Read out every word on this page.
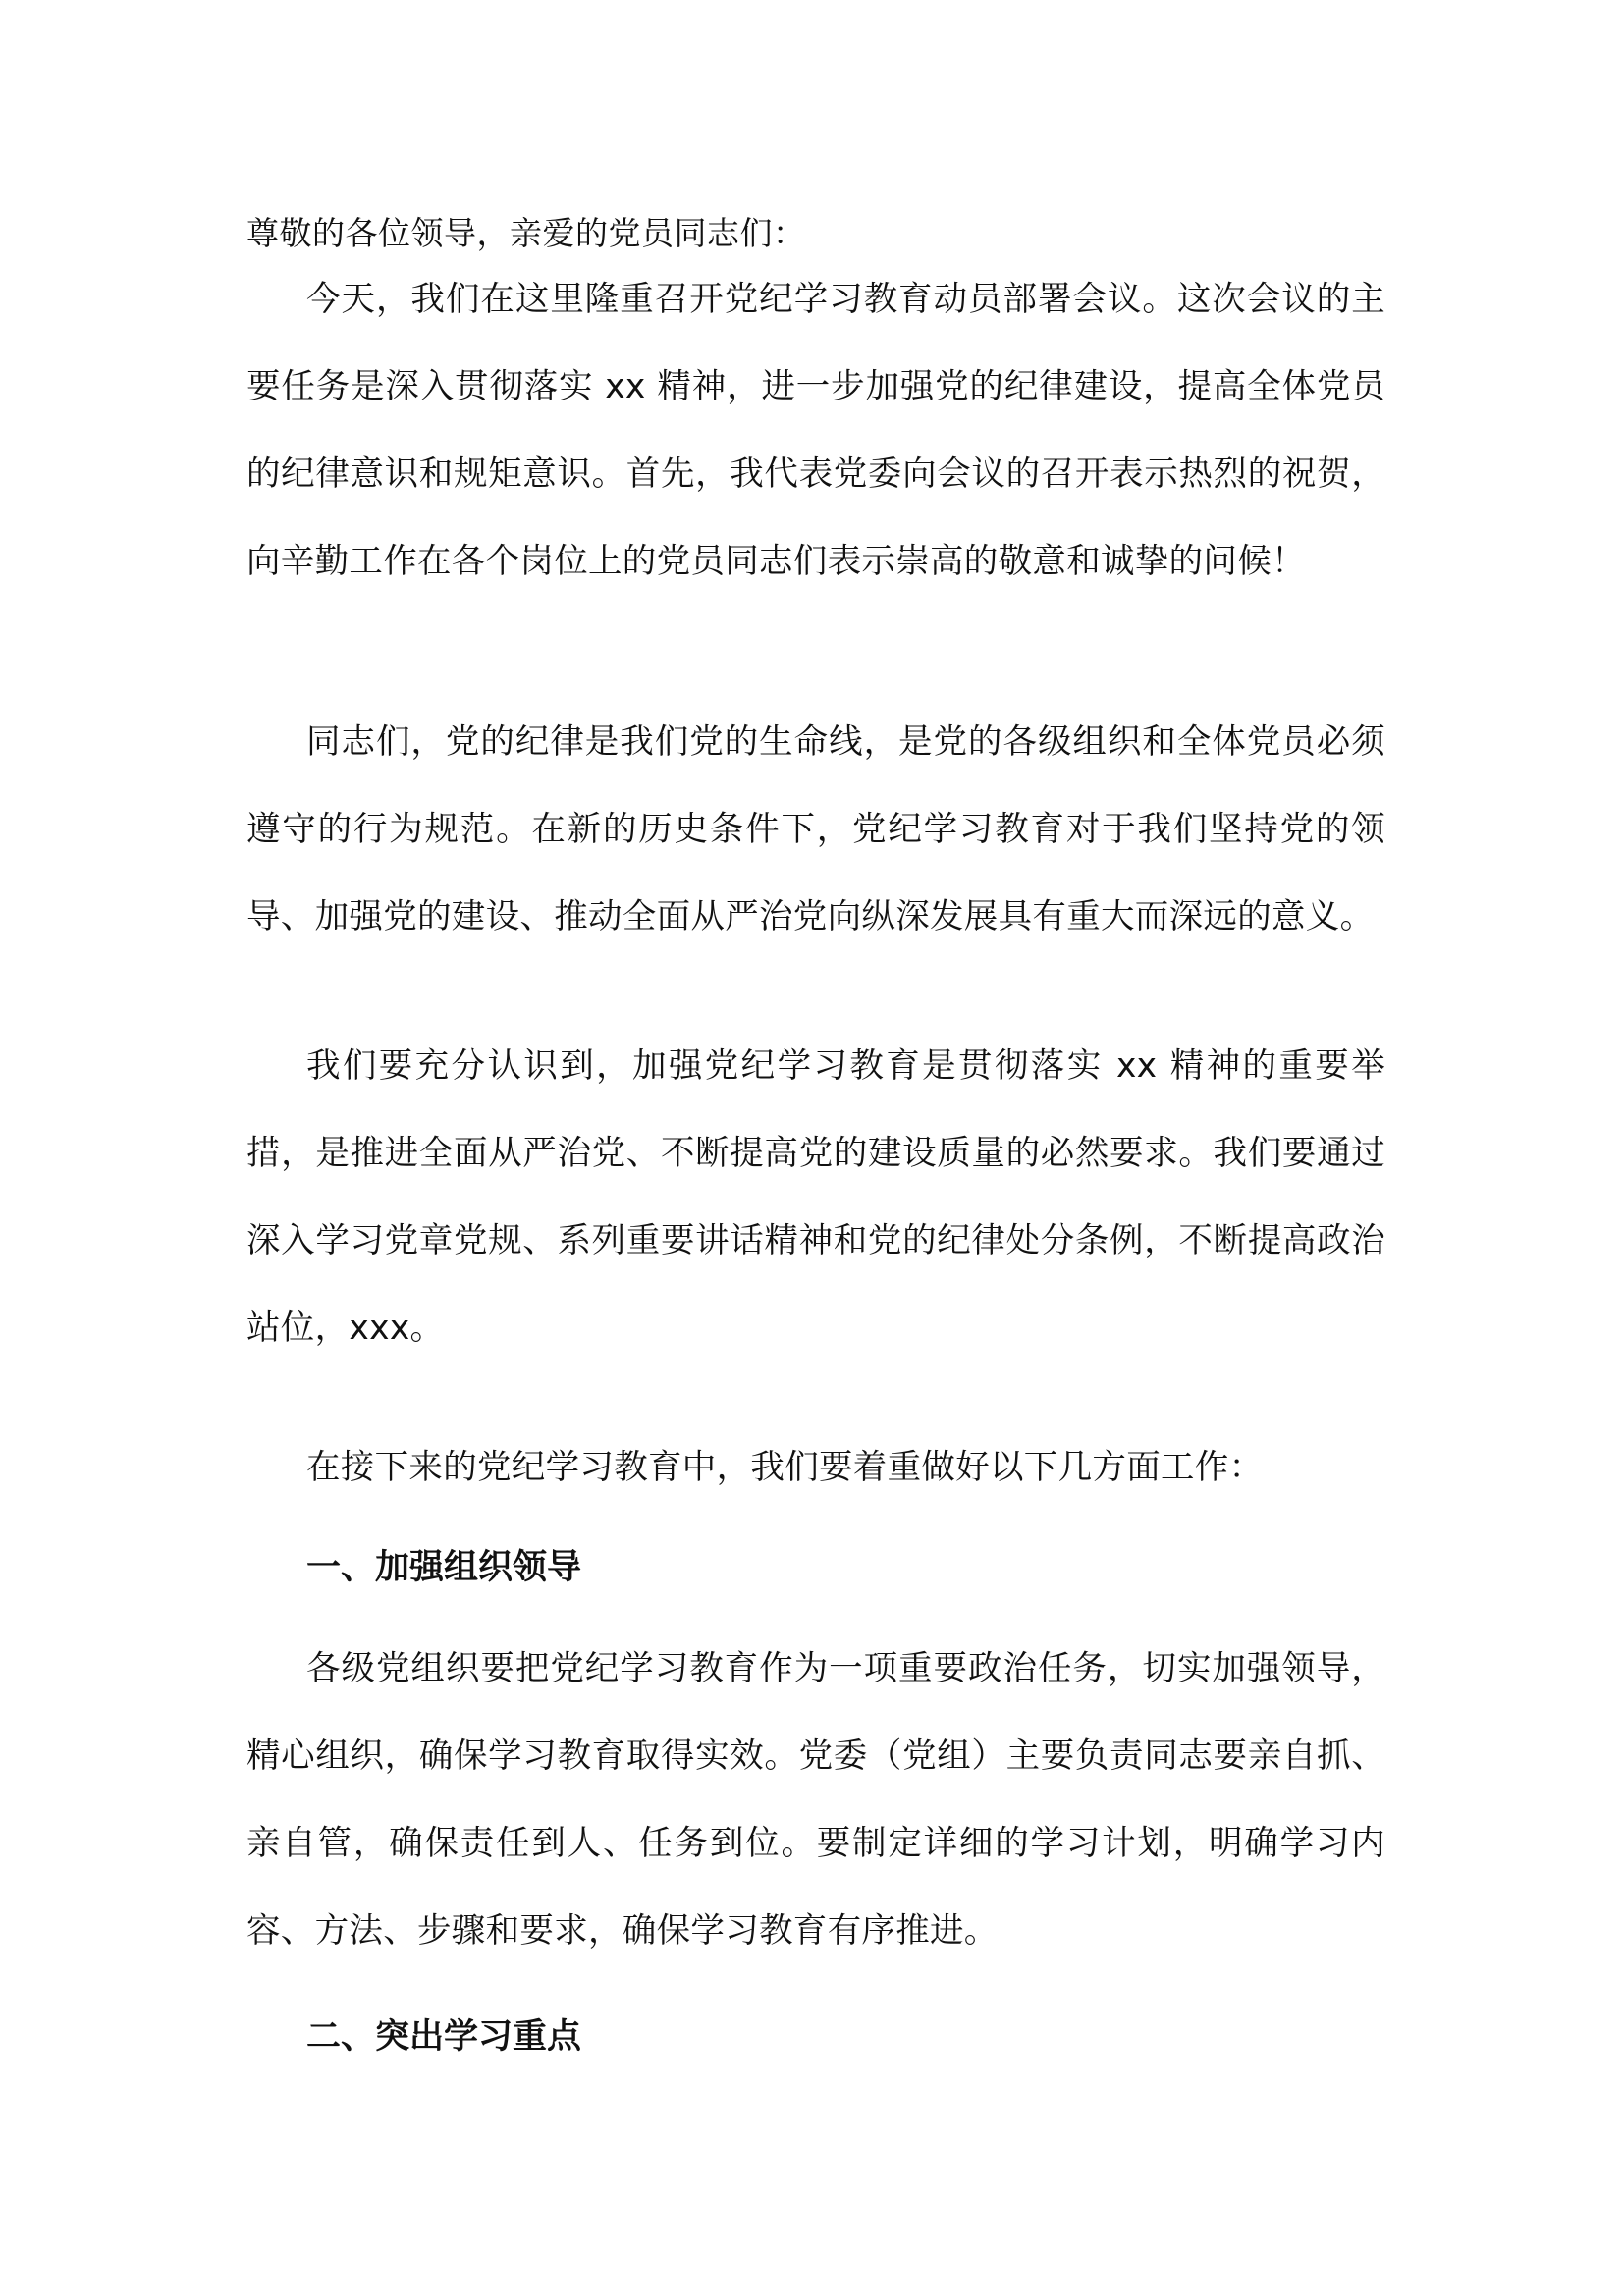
尊敬的各位领导，亲爱的党员同志们：

今天，我们在这里隆重召开党纪学习教育动员部署会议。这次会议的主要任务是深入贯彻落实 xx 精神，进一步加强党的纪律建设，提高全体党员的纪律意识和规矩意识。首先，我代表党委向会议的召开表示热烈的祝贺，向辛勤工作在各个岗位上的党员同志们表示崇高的敬意和诚挚的问候！

同志们，党的纪律是我们党的生命线，是党的各级组织和全体党员必须遵守的行为规范。在新的历史条件下，党纪学习教育对于我们坚持党的领导、加强党的建设、推动全面从严治党向纵深发展具有重大而深远的意义。

我们要充分认识到，加强党纪学习教育是贯彻落实 xx 精神的重要举措，是推进全面从严治党、不断提高党的建设质量的必然要求。我们要通过深入学习党章党规、系列重要讲话精神和党的纪律处分条例，不断提高政治站位，xxx。

在接下来的党纪学习教育中，我们要着重做好以下几方面工作：

一、加强组织领导

各级党组织要把党纪学习教育作为一项重要政治任务，切实加强领导，精心组织，确保学习教育取得实效。党委（党组）主要负责同志要亲自抓、亲自管，确保责任到人、任务到位。要制定详细的学习计划，明确学习内容、方法、步骤和要求，确保学习教育有序推进。

二、突出学习重点
